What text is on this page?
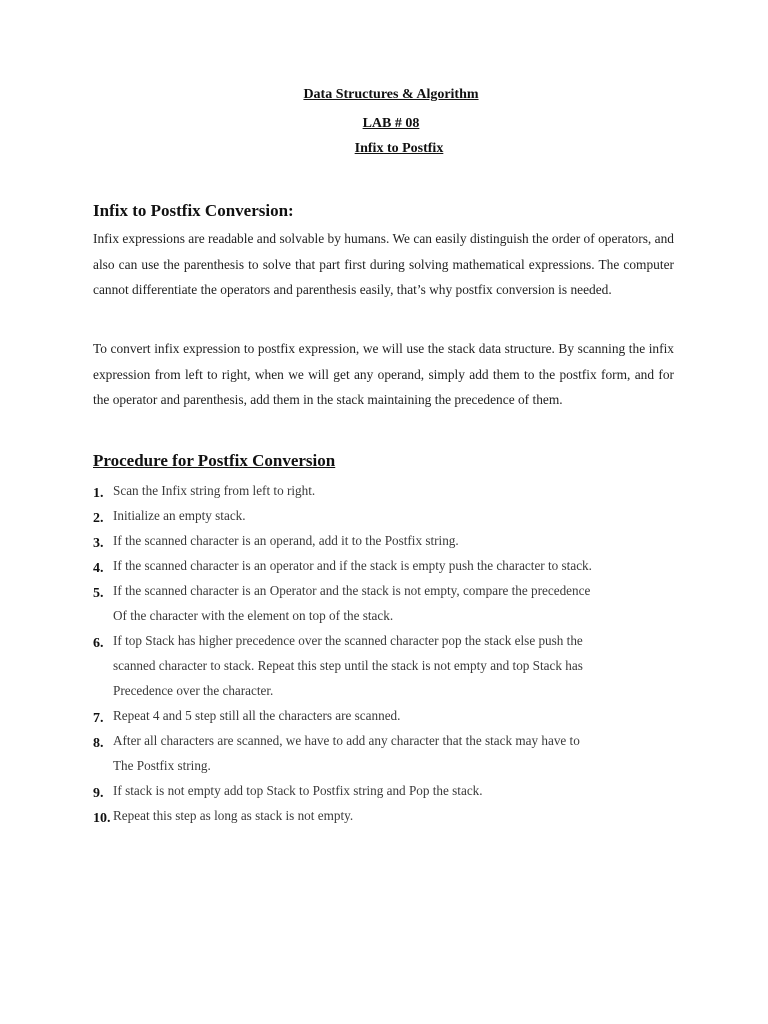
Data Structures & Algorithm
LAB # 08
Infix to Postfix
Infix to Postfix Conversion:

Infix expressions are readable and solvable by humans. We can easily distinguish the order of operators, and also can use the parenthesis to solve that part first during solving mathematical expressions. The computer cannot differentiate the operators and parenthesis easily, that’s why postfix conversion is needed.

To convert infix expression to postfix expression, we will use the stack data structure. By scanning the infix expression from left to right, when we will get any operand, simply add them to the postfix form, and for the operator and parenthesis, add them in the stack maintaining the precedence of them.

Procedure for Postfix Conversion
1. Scan the Infix string from left to right.
2. Initialize an empty stack.
3. If the scanned character is an operand, add it to the Postfix string.
4. If the scanned character is an operator and if the stack is empty push the character to stack.
5. If the scanned character is an Operator and the stack is not empty, compare the precedence
Of the character with the element on top of the stack.
6. If top Stack has higher precedence over the scanned character pop the stack else push the
scanned character to stack. Repeat this step until the stack is not empty and top Stack has
Precedence over the character.
7. Repeat 4 and 5 step still all the characters are scanned.
8. After all characters are scanned, we have to add any character that the stack may have to
The Postfix string.
9. If stack is not empty add top Stack to Postfix string and Pop the stack.
10. Repeat this step as long as stack is not empty.
